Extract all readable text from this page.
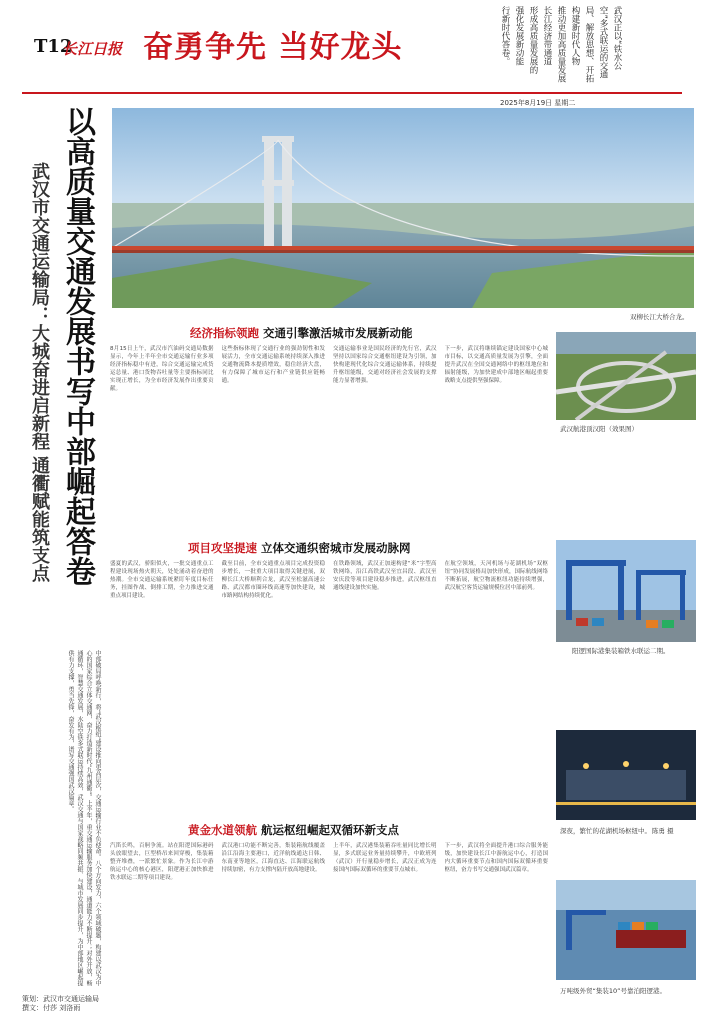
T12
长江日报 奋勇争先 当好龙头	武汉正以“铁水公
空”多式联运的交通
局、解放思想、开拓
构建新时代人物
推动更加高质量发展
长江经济带通道
形成高质量发展的
强化发展新动能
行新时代答卷。
2025年8月19日 星期二
以高质量交通发展书写中部崛起答卷
武汉市交通运输局：大城奋进启新程 通衢赋能筑支点
中部破局呼唤新行，将“武汉枢纽”建设推向更高层次，交通运输行业不负使命。八个方向发力，六个领域破题，构建以武汉为中心的国家综合立体交通网，奋力打造新时代“九州通衢”。上半年，重交通运输服务加快建设，通道能力不断提升；对外开放，畅通循环，智慧交通发展，水陆空铁多式联运持续高效，武汉交通与国家战略同频共振、与城市发展同步提升，为中部地区崛起提供有力支撑，勇当先锋，奋发有为，谱写交通强国武汉篇章。
策划：武汉市交通运输局
撰文：付莎 刘洛雨
双柳长江大桥合龙。
经济指标领跑 交通引擎激活城市发展新动能
8月15日上午，武汉市汽油码交通局数据显示，今年上半年全市交通运输行业多项经济指标稳中有进，综合交通运输完成货运总量、港口货物吞吐量等主要指标同比实现正增长，为全市经济发展作出重要贡献。
这些指标体现了交通行业的强劲韧性和发展活力，全市交通运输系统持续深入推进交通物流降本提质增效，稳住经济大盘，有力保障了城市运行和产业链供应链畅通。
交通运输事业是国民经济的先行官，武汉坚持以国家综合交通枢纽建设为引领，加快构建现代化综合交通运输体系，持续提升枢纽能级，交通对经济社会发展的支撑能力显著增强。
下一步，武汉将继续锚定建设国家中心城市目标，以交通高质量发展为引擎，全面提升武汉在全国交通网络中的枢纽地位和辐射能级，为加快建成中部地区崛起重要战略支点提供坚强保障。
武汉航港顶汉阳（效果图）
阳逻国际港集装箱铁水联运二期。
深夜，繁忙的花湖机场枢纽中。 陈勇 摄
万吨级外贸“集装10”号靠泊阳逻港。
项目攻坚提速 立体交通织密城市发展动脉网
盛夏的武汉，骄阳似火，一批交通重点工程建设现场热火朝天，处处涌动着奋进的热潮。全市交通运输系统紧盯年度目标任务，挂图作战、倒排工期，全力推进交通重点项目建设。
截至目前，全市交通重点项目完成投资稳步增长，一批重大项目取得关键进展，双柳长江大桥顺利合龙，武汉至松滋高速公路、武汉都市圈环线高速等加快建设，城市路网结构持续优化。
在铁路领域，武汉正加速构建“米”字型高铁网络，沿江高铁武汉至宜昌段、武汉至安庆段等项目建设稳步推进，武汉枢纽直通线建设加快实施。
在航空领域，天河机场与花湖机场“双枢纽”协同发展格局加快形成，国际航线网络不断拓展，航空物流枢纽功能持续增强，武汉航空客货运输规模位居中部前列。
黄金水道领航 航运枢纽崛起双循环新支点
汽笛长鸣，百舸争流。站在阳逻国际港码头放眼望去，巨型桥吊来回穿梭，集装箱整齐堆叠，一派繁忙景象。作为长江中游航运中心的核心港区，阳逻港正加快推进铁水联运二期等项目建设。
武汉港口功能不断完善，集装箱航线覆盖沿江沿海主要港口，近洋航线通达日韩、东南亚等地区，江海直达、江海联运航线持续加密，有力支撑内陆开放高地建设。
上半年，武汉港集装箱吞吐量同比增长明显，多式联运业务量持续攀升，中欧班列（武汉）开行量稳步增长，武汉正成为连接国内国际双循环的重要节点城市。
下一步，武汉将全面提升港口综合服务能级，加快建设长江中游航运中心，打造国内大循环重要节点和国内国际双循环重要枢纽，奋力书写交通强国武汉篇章。
